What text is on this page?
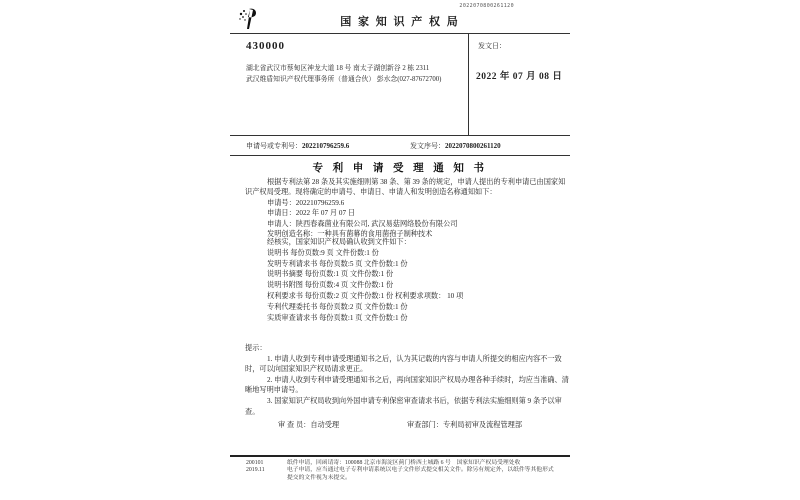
2022070800261120
国 家 知 识 产 权 局
430000
湖北省武汉市蔡甸区神龙大道 18 号 南太子湖创新谷 2 栋 2311
武汉维盾知识产权代理事务所（普通合伙） 彭水念(027-87672700)
发文日：
2022 年 07 月 08 日
申请号或专利号：202210796259.6	发文序号：2022070800261120
专 利 申 请 受 理 通 知 书

根据专利法第 28 条及其实施细则第 38 条、第 39 条的规定，申请人提出的专利申请已由国家知识产权局受理。现将确定的申请号、申请日、申请人和发明创造名称通知如下：

申请号：202210796259.6
申请日：2022 年 07 月 07 日
申请人：陕西春森菌业有限公司, 武汉易菇网络股份有限公司
发明创造名称：一种具有菌幕的食用菌孢子制种技术
经核实，国家知识产权局确认收到文件如下：
说明书 每份页数:9 页 文件份数:1 份
发明专利请求书 每份页数:5 页 文件份数:1 份
说明书摘要 每份页数:1 页 文件份数:1 份
说明书附图 每份页数:4 页 文件份数:1 份
权利要求书 每份页数:2 页 文件份数:1 份 权利要求项数： 10 项
专利代理委托书 每份页数:2 页 文件份数:1 份
实质审查请求书 每份页数:1 页 文件份数:1 份
提示：

1. 申请人收到专利申请受理通知书之后，认为其记载的内容与申请人所提交的相应内容不一致时，可以向国家知识产权局请求更正。

2. 申请人收到专利申请受理通知书之后，再向国家知识产权局办理各种手续时，均应当准确、清晰地写明申请号。

3. 国家知识产权局收到向外国申请专利保密审查请求书后，依据专利法实施细则第 9 条予以审查。

审 查 员：自动受理	审查部门：专利局初审及流程管理部
200101	纸件申请，回函请寄：100088 北京市海淀区蓟门桥西土城路 6 号　国家知识产权局受理处收
2019.11	电子申请，应当通过电子专利申请系统以电子文件形式提交相关文件。除另有规定外，以纸件等其他形式提交的文件视为未提交。
